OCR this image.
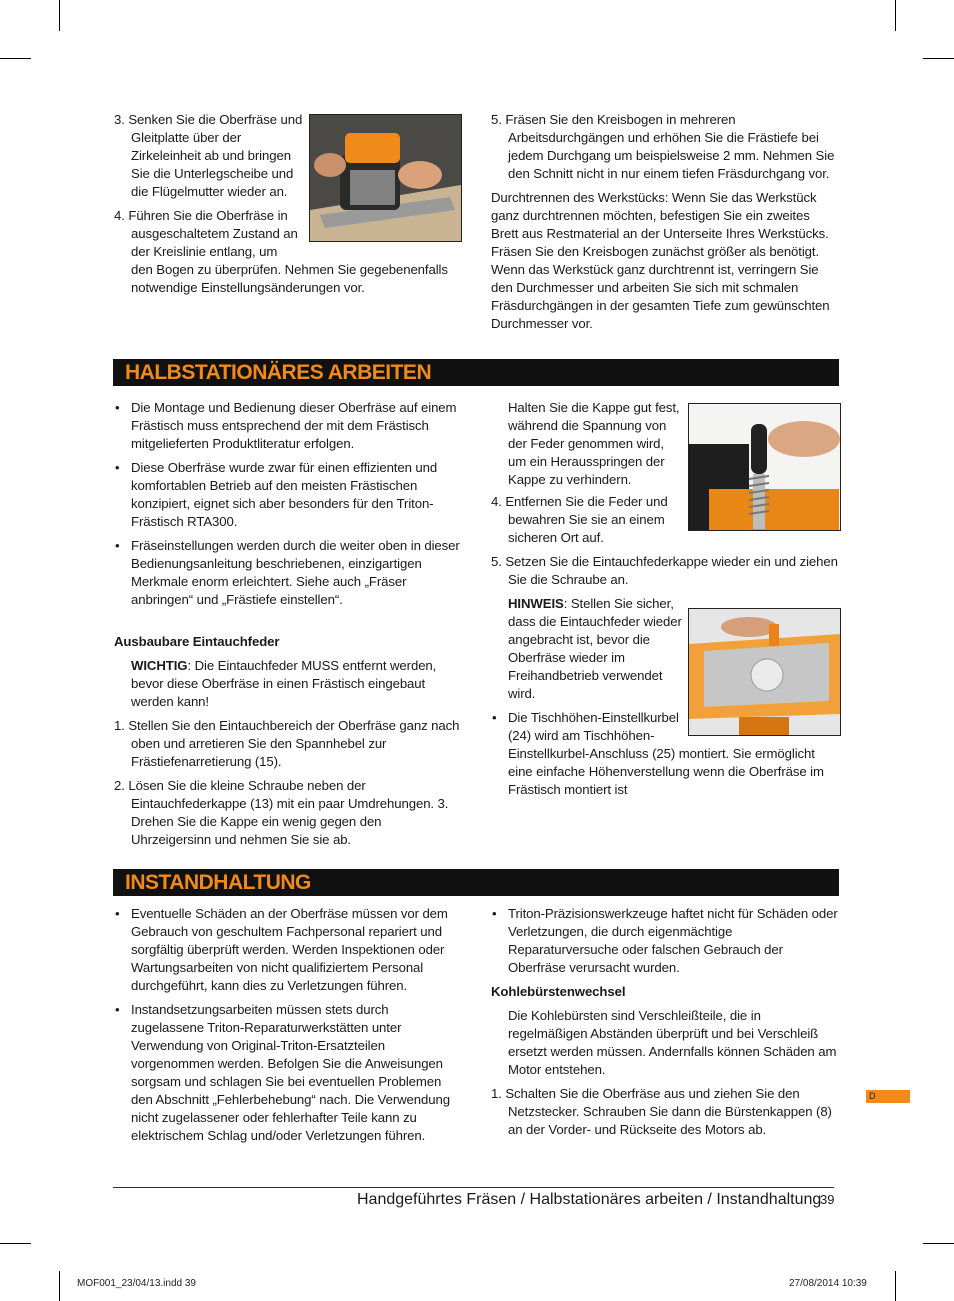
3. Senken Sie die Oberfräse und Gleitplatte über der Zirkeleinheit ab und bringen Sie die Unterlegscheibe und die Flügelmutter wieder an.

4. Führen Sie die Oberfräse in ausgeschaltetem Zustand an der Kreislinie entlang, um

den Bogen zu überprüfen. Nehmen Sie gegebenenfalls notwendige Einstellungsänderungen vor.

5. Fräsen Sie den Kreisbogen in mehreren Arbeitsdurchgängen und erhöhen Sie die Frästiefe bei jedem Durchgang um beispielsweise 2 mm. Nehmen Sie den Schnitt nicht in nur einem tiefen Fräsdurchgang vor.

Durchtrennen des Werkstücks: Wenn Sie das Werkstück ganz durchtrennen möchten, befestigen Sie ein zweites Brett aus Restmaterial an der Unterseite Ihres Werkstücks. Fräsen Sie den Kreisbogen zunächst größer als benötigt. Wenn das Werkstück ganz durchtrennt ist, verringern Sie den Durchmesser und arbeiten Sie sich mit schmalen Fräsdurchgängen in der gesamten Tiefe zum gewünschten Durchmesser vor.

HALBSTATIONÄRES ARBEITEN
• Die Montage und Bedienung dieser Oberfräse auf einem Frästisch muss entsprechend der mit dem Frästisch mitgelieferten Produktliteratur erfolgen.
• Diese Oberfräse wurde zwar für einen effizienten und komfortablen Betrieb auf den meisten Frästischen konzipiert, eignet sich aber besonders für den Triton-Frästisch RTA300.
• Fräseinstellungen werden durch die weiter oben in dieser Bedienungsanleitung beschriebenen, einzigartigen Merkmale enorm erleichtert. Siehe auch „Fräser anbringen“ und „Frästiefe einstellen“.

Ausbaubare Eintauchfeder

WICHTIG: Die Eintauchfeder MUSS entfernt werden, bevor diese Oberfräse in einen Frästisch eingebaut werden kann!

1. Stellen Sie den Eintauchbereich der Oberfräse ganz nach oben und arretieren Sie den Spannhebel zur Frästiefenarretierung (15).

2. Lösen Sie die kleine Schraube neben der Eintauchfederkappe (13) mit ein paar Umdrehungen. 3. Drehen Sie die Kappe ein wenig gegen den Uhrzeigersinn und nehmen Sie sie ab.

Halten Sie die Kappe gut fest, während die Spannung von der Feder genommen wird, um ein Herausspringen der Kappe zu verhindern.

4. Entfernen Sie die Feder und bewahren Sie sie an einem sicheren Ort auf.

5. Setzen Sie die Eintauchfederkappe wieder ein und ziehen Sie die Schraube an.

HINWEIS: Stellen Sie sicher, dass die Eintauchfeder wieder angebracht ist, bevor die Oberfräse wieder im Freihandbetrieb verwendet wird.

• Die Tischhöhen-Einstellkurbel (24) wird am Tischhöhen-
Einstellkurbel-Anschluss (25) montiert. Sie ermöglicht eine einfache Höhenverstellung wenn die Oberfräse im Frästisch montiert ist
INSTANDHALTUNG
• Eventuelle Schäden an der Oberfräse müssen vor dem Gebrauch von geschultem Fachpersonal repariert und sorgfältig überprüft werden. Werden Inspektionen oder Wartungsarbeiten von nicht qualifiziertem Personal durchgeführt, kann dies zu Verletzungen führen.
• Instandsetzungsarbeiten müssen stets durch zugelassene Triton-Reparaturwerkstätten unter Verwendung von Original-Triton-Ersatzteilen vorgenommen werden. Befolgen Sie die Anweisungen sorgsam und schlagen Sie bei eventuellen Problemen den Abschnitt „Fehlerbehebung“ nach. Die Verwendung nicht zugelassener oder fehlerhafter Teile kann zu elektrischem Schlag und/oder Verletzungen führen.
• Triton-Präzisionswerkzeuge haftet nicht für Schäden oder Verletzungen, die durch eigenmächtige Reparaturversuche oder falschen Gebrauch der Oberfräse verursacht wurden.

Kohlebürstenwechsel

Die Kohlebürsten sind Verschleißteile, die in regelmäßigen Abständen überprüft und bei Verschleiß ersetzt werden müssen. Andernfalls können Schäden am Motor entstehen.

1. Schalten Sie die Oberfräse aus und ziehen Sie den Netzstecker. Schrauben Sie dann die Bürstenkappen (8) an der Vorder- und Rückseite des Motors ab.

D
Handgeführtes Fräsen / Halbstationäres arbeiten / Instandhaltung
39
MOF001_23/04/13.indd 39	27/08/2014 10:39
